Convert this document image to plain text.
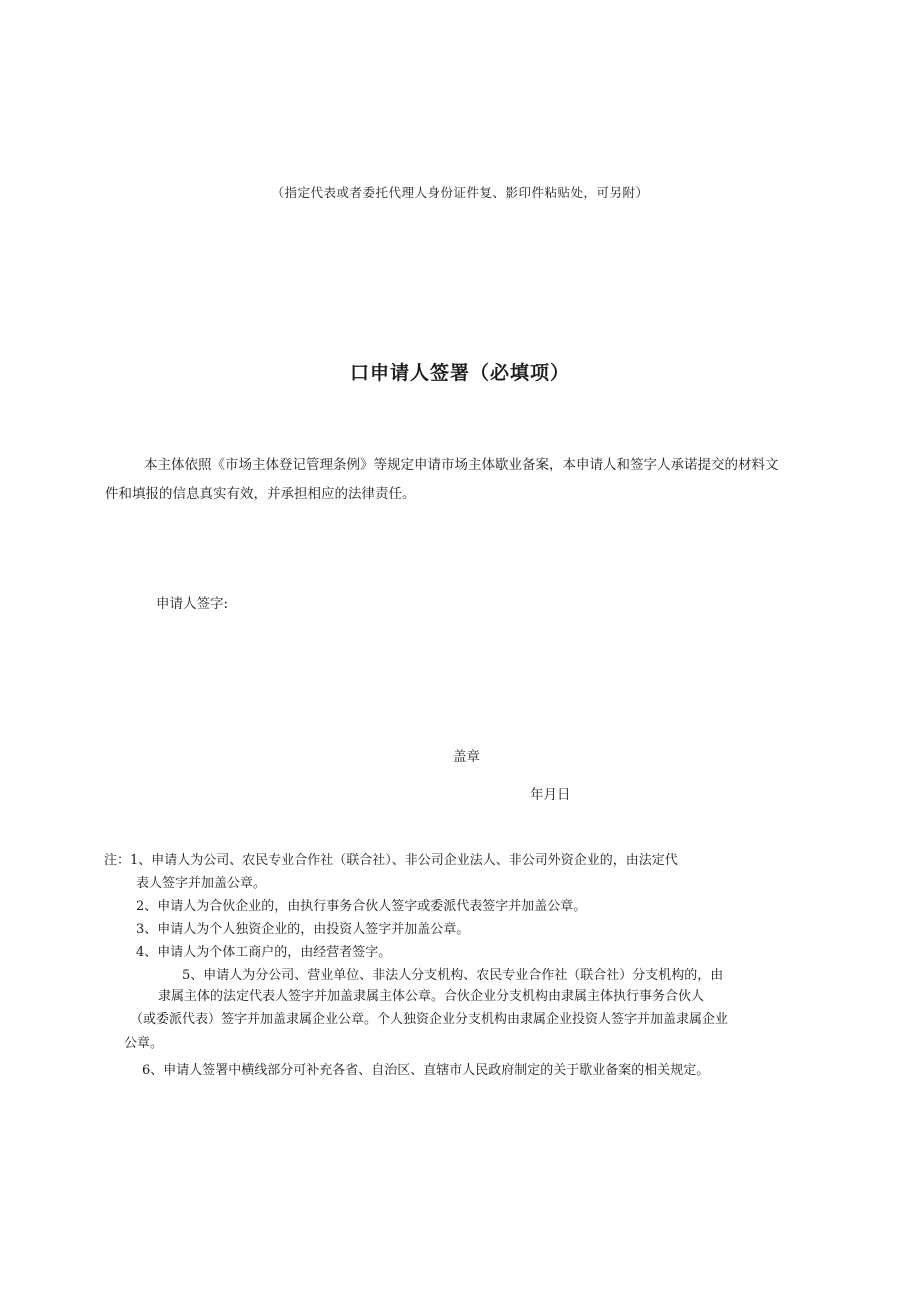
（指定代表或者委托代理人身份证件复、影印件粘贴处，可另附）
口申请人签署（必填项）
本主体依照《市场主体登记管理条例》等规定申请市场主体歇业备案，本申请人和签字人承诺提交的材料文
件和填报的信息真实有效，并承担相应的法律责任。
申请人签字:
盖章
年月日
注：1、申请人为公司、农民专业合作社（联合社）、非公司企业法人、非公司外资企业的，由法定代
表人签字并加盖公章。
2、申请人为合伙企业的，由执行事务合伙人签字或委派代表签字并加盖公章。
3、申请人为个人独资企业的，由投资人签字并加盖公章。
4、申请人为个体工商户的，由经营者签字。
5、申请人为分公司、营业单位、非法人分支机构、农民专业合作社（联合社）分支机构的，由
隶属主体的法定代表人签字并加盖隶属主体公章。合伙企业分支机构由隶属主体执行事务合伙人
（或委派代表）签字并加盖隶属企业公章。个人独资企业分支机构由隶属企业投资人签字并加盖隶属企业
公章。
6、申请人签署中横线部分可补充各省、自治区、直辖市人民政府制定的关于歇业备案的相关规定。
